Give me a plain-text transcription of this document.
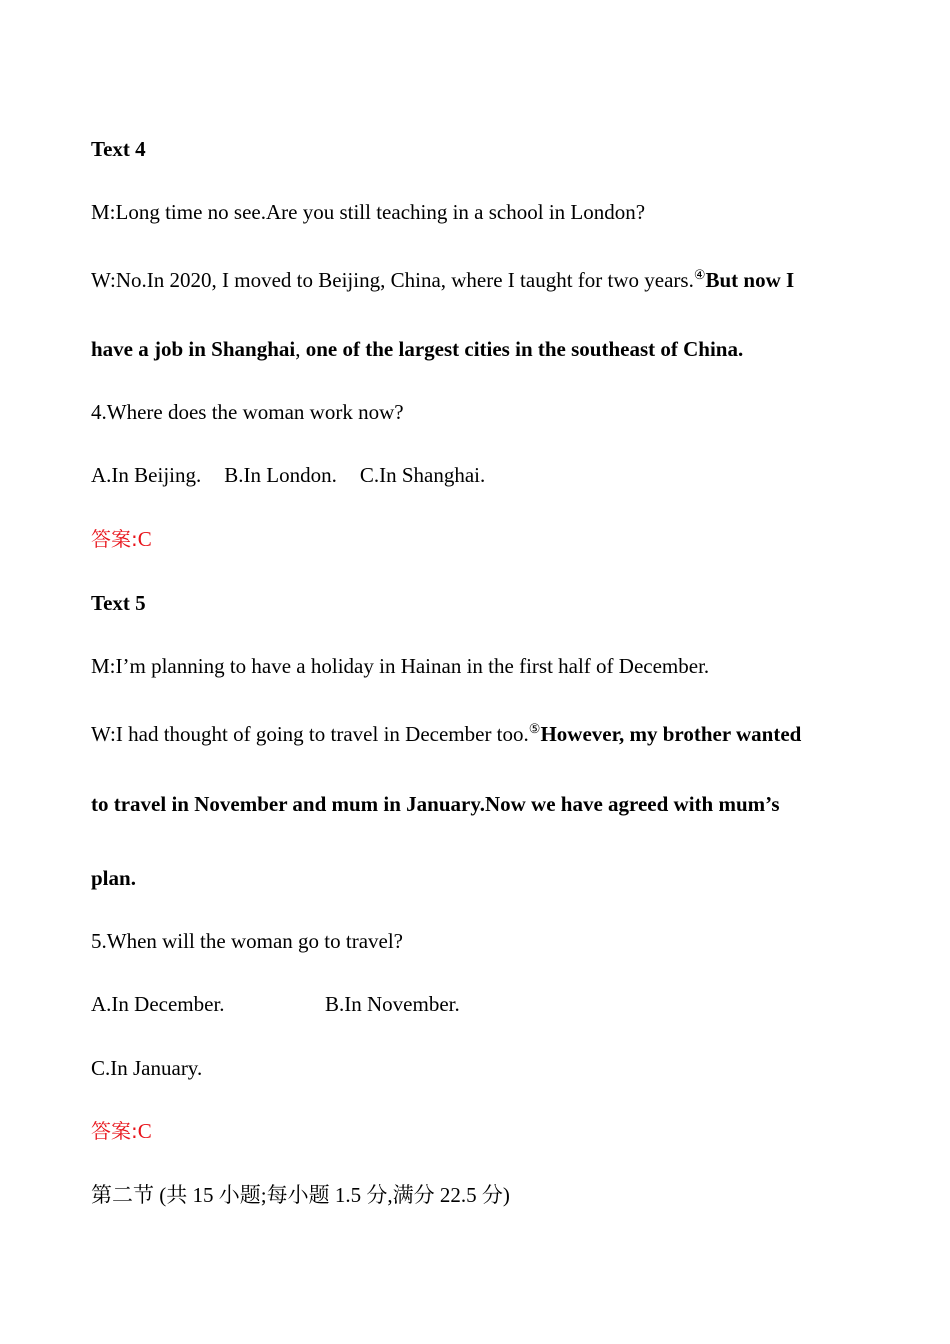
Text 4
M:Long time no see.Are you still teaching in a school in London?
W:No.In 2020, I moved to Beijing, China, where I taught for two years.④But now I
have a job in Shanghai, one of the largest cities in the southeast of China.
4.Where does the woman work now?
A.In Beijing. B.In London. C.In Shanghai.
答案:C
Text 5
M:I’m planning to have a holiday in Hainan in the first half of December.
W:I had thought of going to travel in December too.⑤However, my brother wanted
to travel in November and mum in January.Now we have agreed with mum’s
plan.
5.When will the woman go to travel?
A.In December.	B.In November.
C.In January.
答案:C
第二节 (共 15 小题;每小题 1.5 分,满分 22.5 分)
